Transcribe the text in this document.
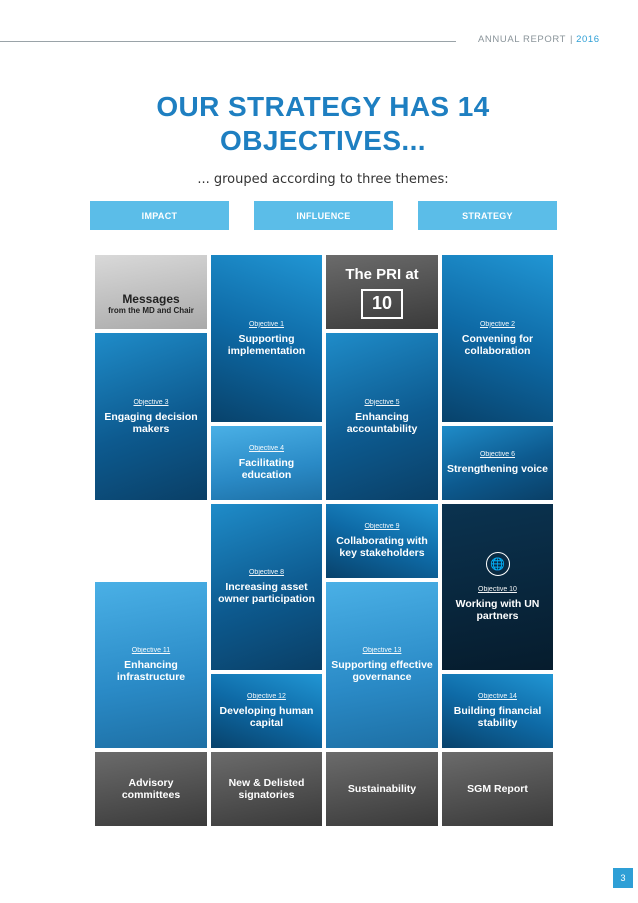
ANNUAL REPORT | 2016
OUR STRATEGY HAS 14 OBJECTIVES...
... grouped according to three themes:
IMPACT	INFLUENCE	STRATEGY
Messages
from the MD and Chair
Objective 3
Engaging decision makers
Objective 7
Strengthening key regions
Objective 11
Enhancing infrastructure
Advisory committees
Objective 1
Supporting implementation
Objective 4
Facilitating education
Objective 8
Increasing asset owner participation
Objective 12
Developing human capital
New & Delisted signatories
The PRI at
10
Objective 5
Enhancing accountability
Objective 9
Collaborating with key stakeholders
Objective 13
Supporting effective governance
Sustainability
Objective 2
Convening for collaboration
Objective 6
Strengthening voice
🌐
Objective 10
Working with UN partners
Objective 14
Building financial stability
SGM Report
3
